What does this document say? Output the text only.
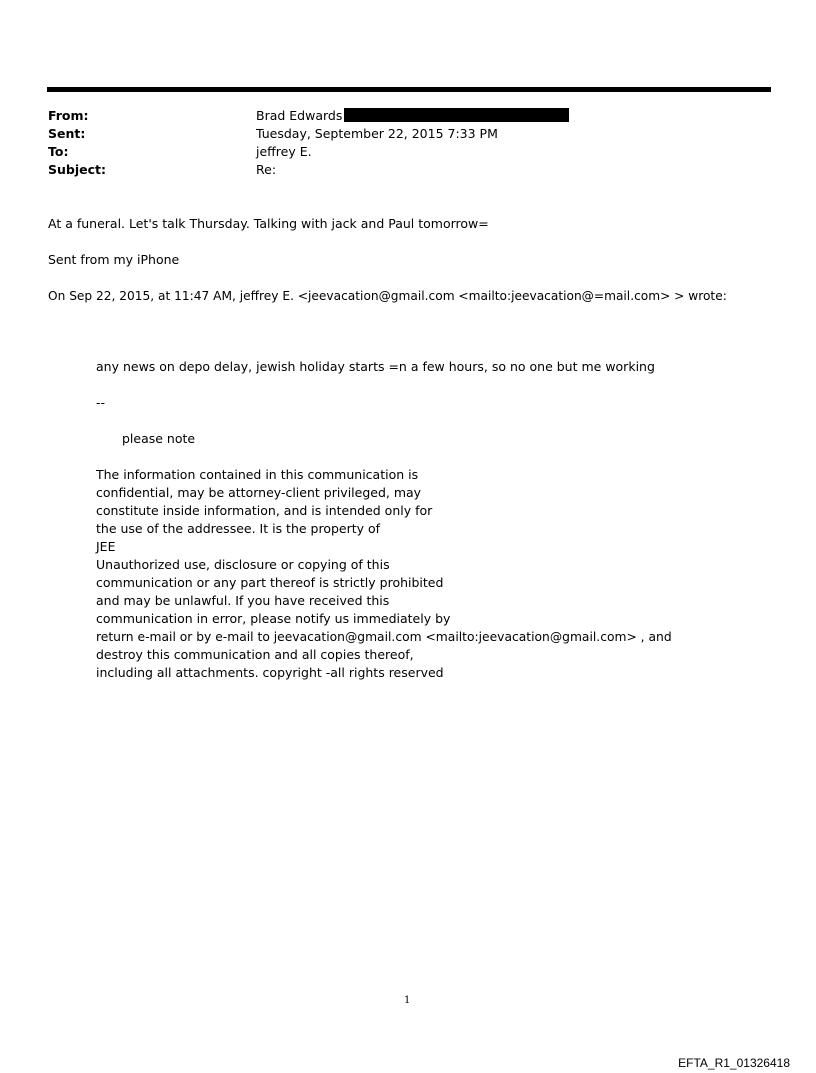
From:	Brad Edwards
Sent:	Tuesday, September 22, 2015 7:33 PM
To:	jeffrey E.
Subject:	Re:
At a funeral. Let's talk Thursday. Talking with jack and Paul tomorrow=
Sent from my iPhone
On Sep 22, 2015, at 11:47 AM, jeffrey E. <jeevacation@gmail.com <mailto:jeevacation@=mail.com> > wrote:
any news on depo delay, jewish holiday starts =n a few hours, so no one but me working
--
please note
The information contained in this communication is
confidential, may be attorney-client privileged, may
constitute inside information, and is intended only for
the use of the addressee. It is the property of
JEE
Unauthorized use, disclosure or copying of this
communication or any part thereof is strictly prohibited
and may be unlawful. If you have received this
communication in error, please notify us immediately by
return e-mail or by e-mail to jeevacation@gmail.com <mailto:jeevacation@gmail.com> , and
destroy this communication and all copies thereof,
including all attachments. copyright -all rights reserved
1
EFTA_R1_01326418
